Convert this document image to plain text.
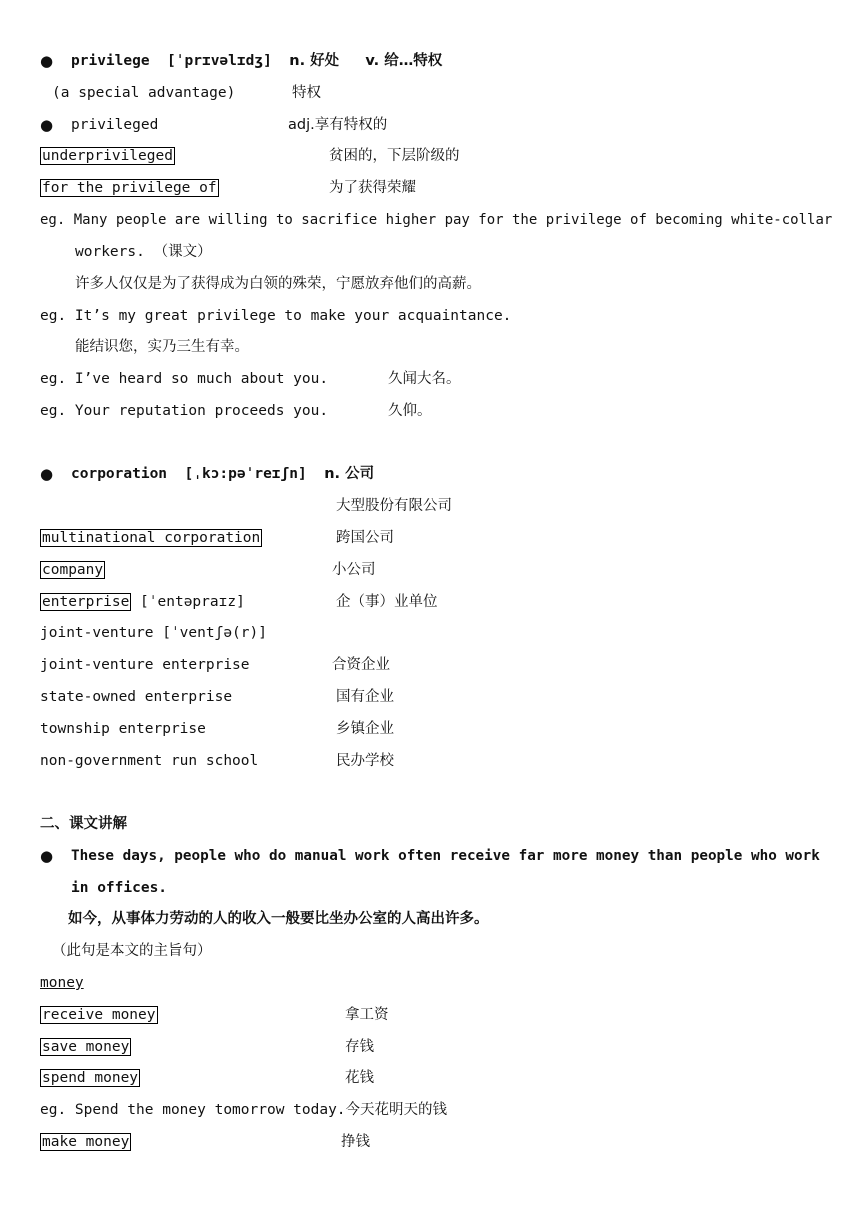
● privilege [ˈprɪvəlɪdʒ] n. 好处 v. 给…特权
(a special advantage)	特权
● privileged	adj.享有特权的
underprivileged	贫困的，下层阶级的
for the privilege of	为了获得荣耀
eg. Many people are willing to sacrifice higher pay for the privilege of becoming white-collar
workers. （课文）
许多人仅仅是为了获得成为白领的殊荣，宁愿放弃他们的高薪。
eg. It’s my great privilege to make your acquaintance.
能结识您，实乃三生有幸。
eg. I’ve heard so much about you.	久闻大名。
eg. Your reputation proceeds you.	久仰。
● corporation [ˌkɔ:pəˈreɪʃn] n. 公司
大型股份有限公司
multinational corporation	跨国公司
company	小公司
enterprise [ˈentəpraɪz]	企（事）业单位
joint-venture [ˈventʃə(r)]
joint-venture enterprise	合资企业
state-owned enterprise	国有企业
township enterprise	乡镇企业
non-government run school	民办学校
二、课文讲解
● These days, people who do manual work often receive far more money than people who work
in offices.
如今，从事体力劳动的人的收入一般要比坐办公室的人高出许多。
（此句是本文的主旨句）
money
receive money	拿工资
save money	存钱
spend money	花钱
eg. Spend the money tomorrow today.今天花明天的钱
make money	挣钱
